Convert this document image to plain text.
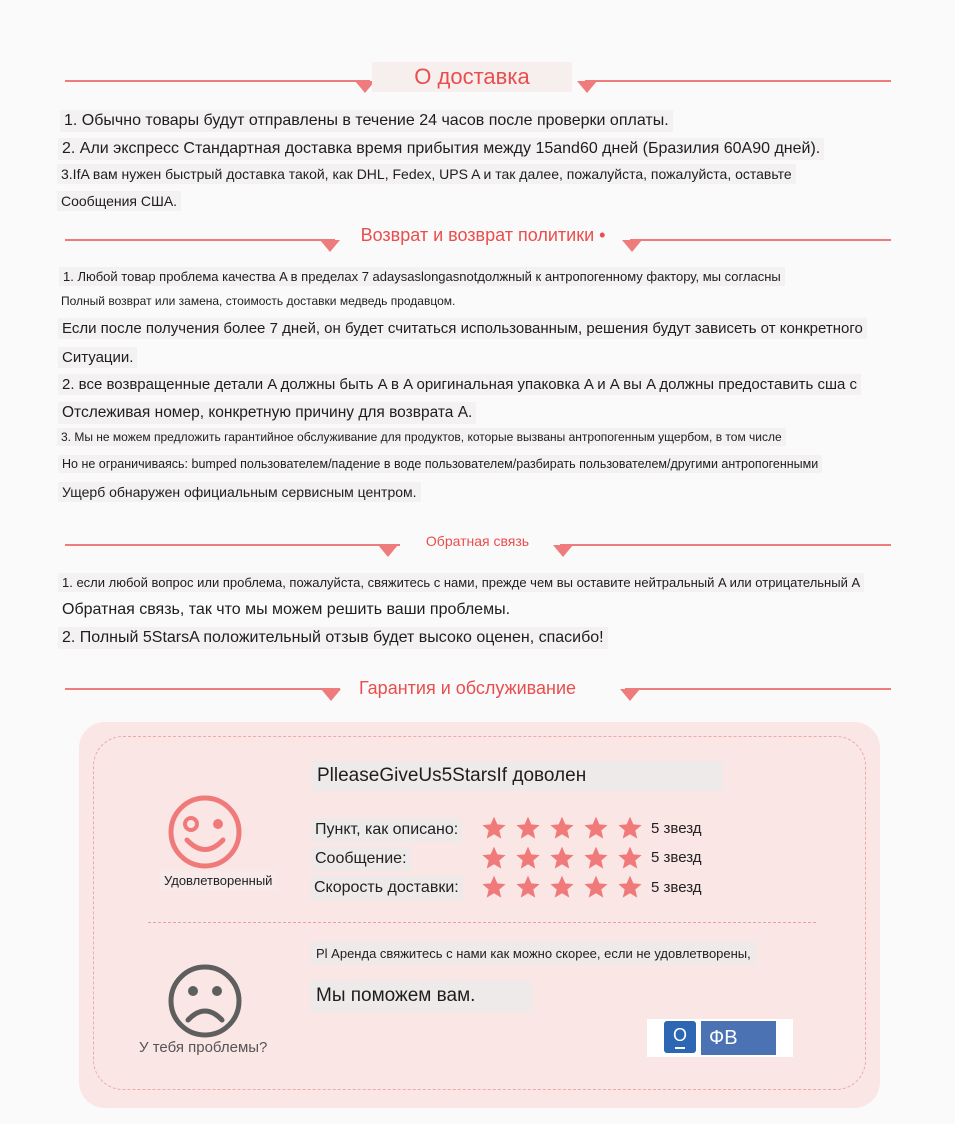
О доставка
1. Обычно товары будут отправлены в течение 24 часов после проверки оплаты.
2. Али экспресс Стандартная доставка время прибытия между 15and60 дней (Бразилия 60A90 дней).
3.IfA вам нужен быстрый доставка такой, как DHL, Fedex, UPS A и так далее, пожалуйста, пожалуйста, оставьте
Сообщения США.
Возврат и возврат политики •
1. Любой товар проблема качества A в пределах 7 adaysaslongasnotдолжный к антропогенному фактору, мы согласны
Полный возврат или замена, стоимость доставки медведь продавцом.
Если после получения более 7 дней, он будет считаться использованным, решения будут зависеть от конкретного
Ситуации.
2. все возвращенные детали A должны быть A в A оригинальная упаковка A и A вы A должны предоставить сша с
Отслеживая номер, конкретную причину для возврата A.
3. Мы не можем предложить гарантийное обслуживание для продуктов, которые вызваны антропогенным ущербом, в том числе
Но не ограничиваясь: bumped пользователем/падение в воде пользователем/разбирать пользователем/другими антропогенными
Ущерб обнаружен официальным сервисным центром.
Обратная связь
1. если любой вопрос или проблема, пожалуйста, свяжитесь с нами, прежде чем вы оставите нейтральный A или отрицательный A
Обратная связь, так что мы можем решить ваши проблемы.
2. Полный 5StarsA положительный отзыв будет высоко оценен, спасибо!
Гарантия и обслуживание
Удовлетворенный
PlleaseGiveUs5StarsIf доволен
Пункт, как описано:	5 звезд
Сообщение:	5 звезд
Скорость доставки:	5 звезд
У тебя проблемы?
Pl Аренда свяжитесь с нами как можно скорее, если не удовлетворены,
Мы поможем вам.
O	ФВ
